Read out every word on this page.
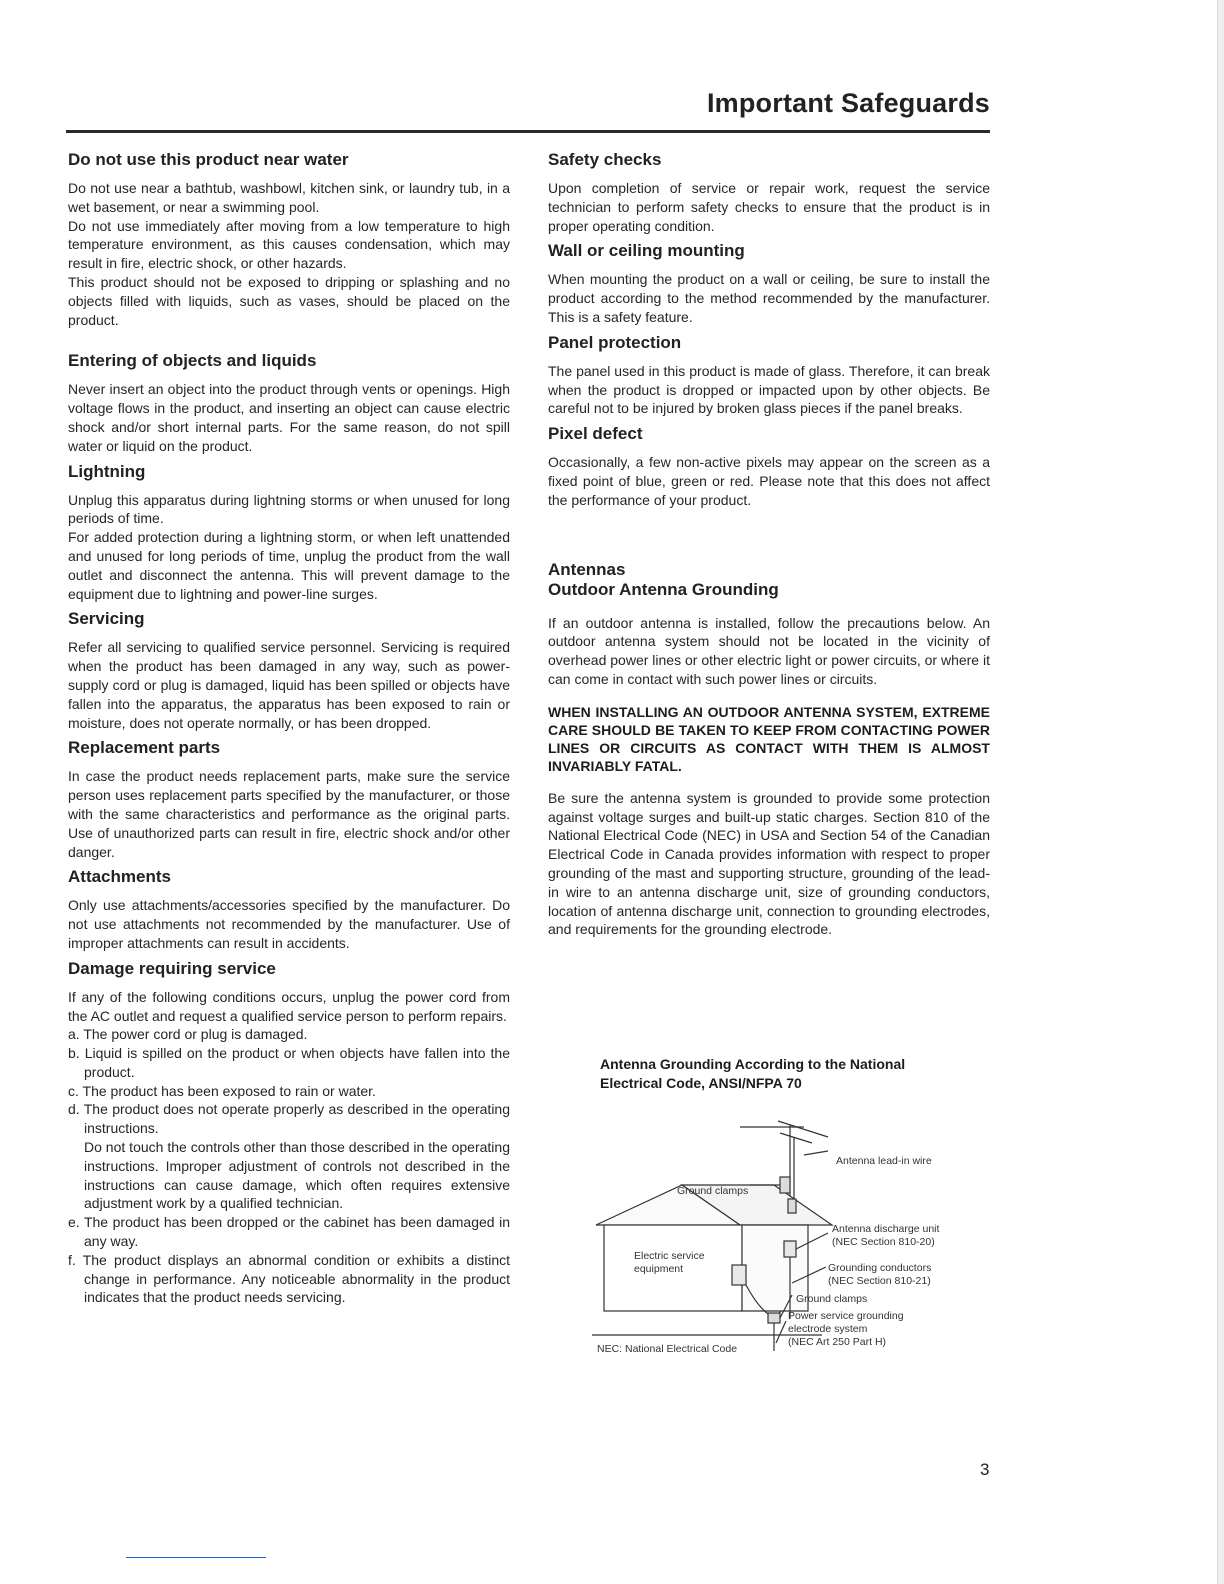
Important Safeguards
Do not use this product near water

Do not use near a bathtub, washbowl, kitchen sink, or laundry tub, in a wet basement, or near a swimming pool.

Do not use immediately after moving from a low temperature to high temperature environment, as this causes condensation, which may result in fire, electric shock, or other hazards.

This product should not be exposed to dripping or splashing and no objects filled with liquids, such as vases, should be placed on the product.

Entering of objects and liquids

Never insert an object into the product through vents or openings. High voltage flows in the product, and inserting an object can cause electric shock and/or short internal parts. For the same reason, do not spill water or liquid on the product.

Lightning

Unplug this apparatus during lightning storms or when unused for long periods of time.

For added protection during a lightning storm, or when left unattended and unused for long periods of time, unplug the product from the wall outlet and disconnect the antenna. This will prevent damage to the equipment due to lightning and power-line surges.

Servicing

Refer all servicing to qualified service personnel. Servicing is required when the product has been damaged in any way, such as power-supply cord or plug is damaged, liquid has been spilled or objects have fallen into the apparatus, the apparatus has been exposed to rain or moisture, does not operate normally, or has been dropped.

Replacement parts

In case the product needs replacement parts, make sure the service person uses replacement parts specified by the manufacturer, or those with the same characteristics and performance as the original parts. Use of unauthorized parts can result in fire, electric shock and/or other danger.

Attachments

Only use attachments/accessories specified by the manufacturer. Do not use attachments not recommended by the manufacturer. Use of improper attachments can result in accidents.

Damage requiring service

If any of the following conditions occurs, unplug the power cord from the AC outlet and request a qualified service person to perform repairs.

a. The power cord or plug is damaged.
b. Liquid is spilled on the product or when objects have fallen into the product.
c. The product has been exposed to rain or water.
d. The product does not operate properly as described in the operating instructions.
Do not touch the controls other than those described in the operating instructions. Improper adjustment of controls not described in the instructions can cause damage, which often requires extensive adjustment work by a qualified technician.
e. The product has been dropped or the cabinet has been damaged in any way.
f. The product displays an abnormal condition or exhibits a distinct change in performance. Any noticeable abnormality in the product indicates that the product needs servicing.
Safety checks

Upon completion of service or repair work, request the service technician to perform safety checks to ensure that the product is in proper operating condition.

Wall or ceiling mounting

When mounting the product on a wall or ceiling, be sure to install the product according to the method recommended by the manufacturer. This is a safety feature.

Panel protection

The panel used in this product is made of glass. Therefore, it can break when the product is dropped or impacted upon by other objects. Be careful not to be injured by broken glass pieces if the panel breaks.

Pixel defect

Occasionally, a few non-active pixels may appear on the screen as a fixed point of blue, green or red. Please note that this does not affect the performance of your product.

Antennas
Outdoor Antenna Grounding

If an outdoor antenna is installed, follow the precautions below. An outdoor antenna system should not be located in the vicinity of overhead power lines or other electric light or power circuits, or where it can come in contact with such power lines or circuits.

WHEN INSTALLING AN OUTDOOR ANTENNA SYSTEM, EXTREME CARE SHOULD BE TAKEN TO KEEP FROM CONTACTING POWER LINES OR CIRCUITS AS CONTACT WITH THEM IS ALMOST INVARIABLY FATAL.

Be sure the antenna system is grounded to provide some protection against voltage surges and built-up static charges. Section 810 of the National Electrical Code (NEC) in USA and Section 54 of the Canadian Electrical Code in Canada provides information with respect to proper grounding of the mast and supporting structure, grounding of the lead-in wire to an antenna discharge unit, size of grounding conductors, location of antenna discharge unit, connection to grounding electrodes, and requirements for the grounding electrode.

Antenna Grounding According to the National Electrical Code, ANSI/NFPA 70
Antenna lead-in wire
Ground clamps
Antenna discharge unit
(NEC Section 810-20)
Electric service
equipment	Grounding conductors
(NEC Section 810-21)
Ground clamps
Power service grounding
electrode system
(NEC Art 250 Part H)
NEC: National Electrical Code
3
